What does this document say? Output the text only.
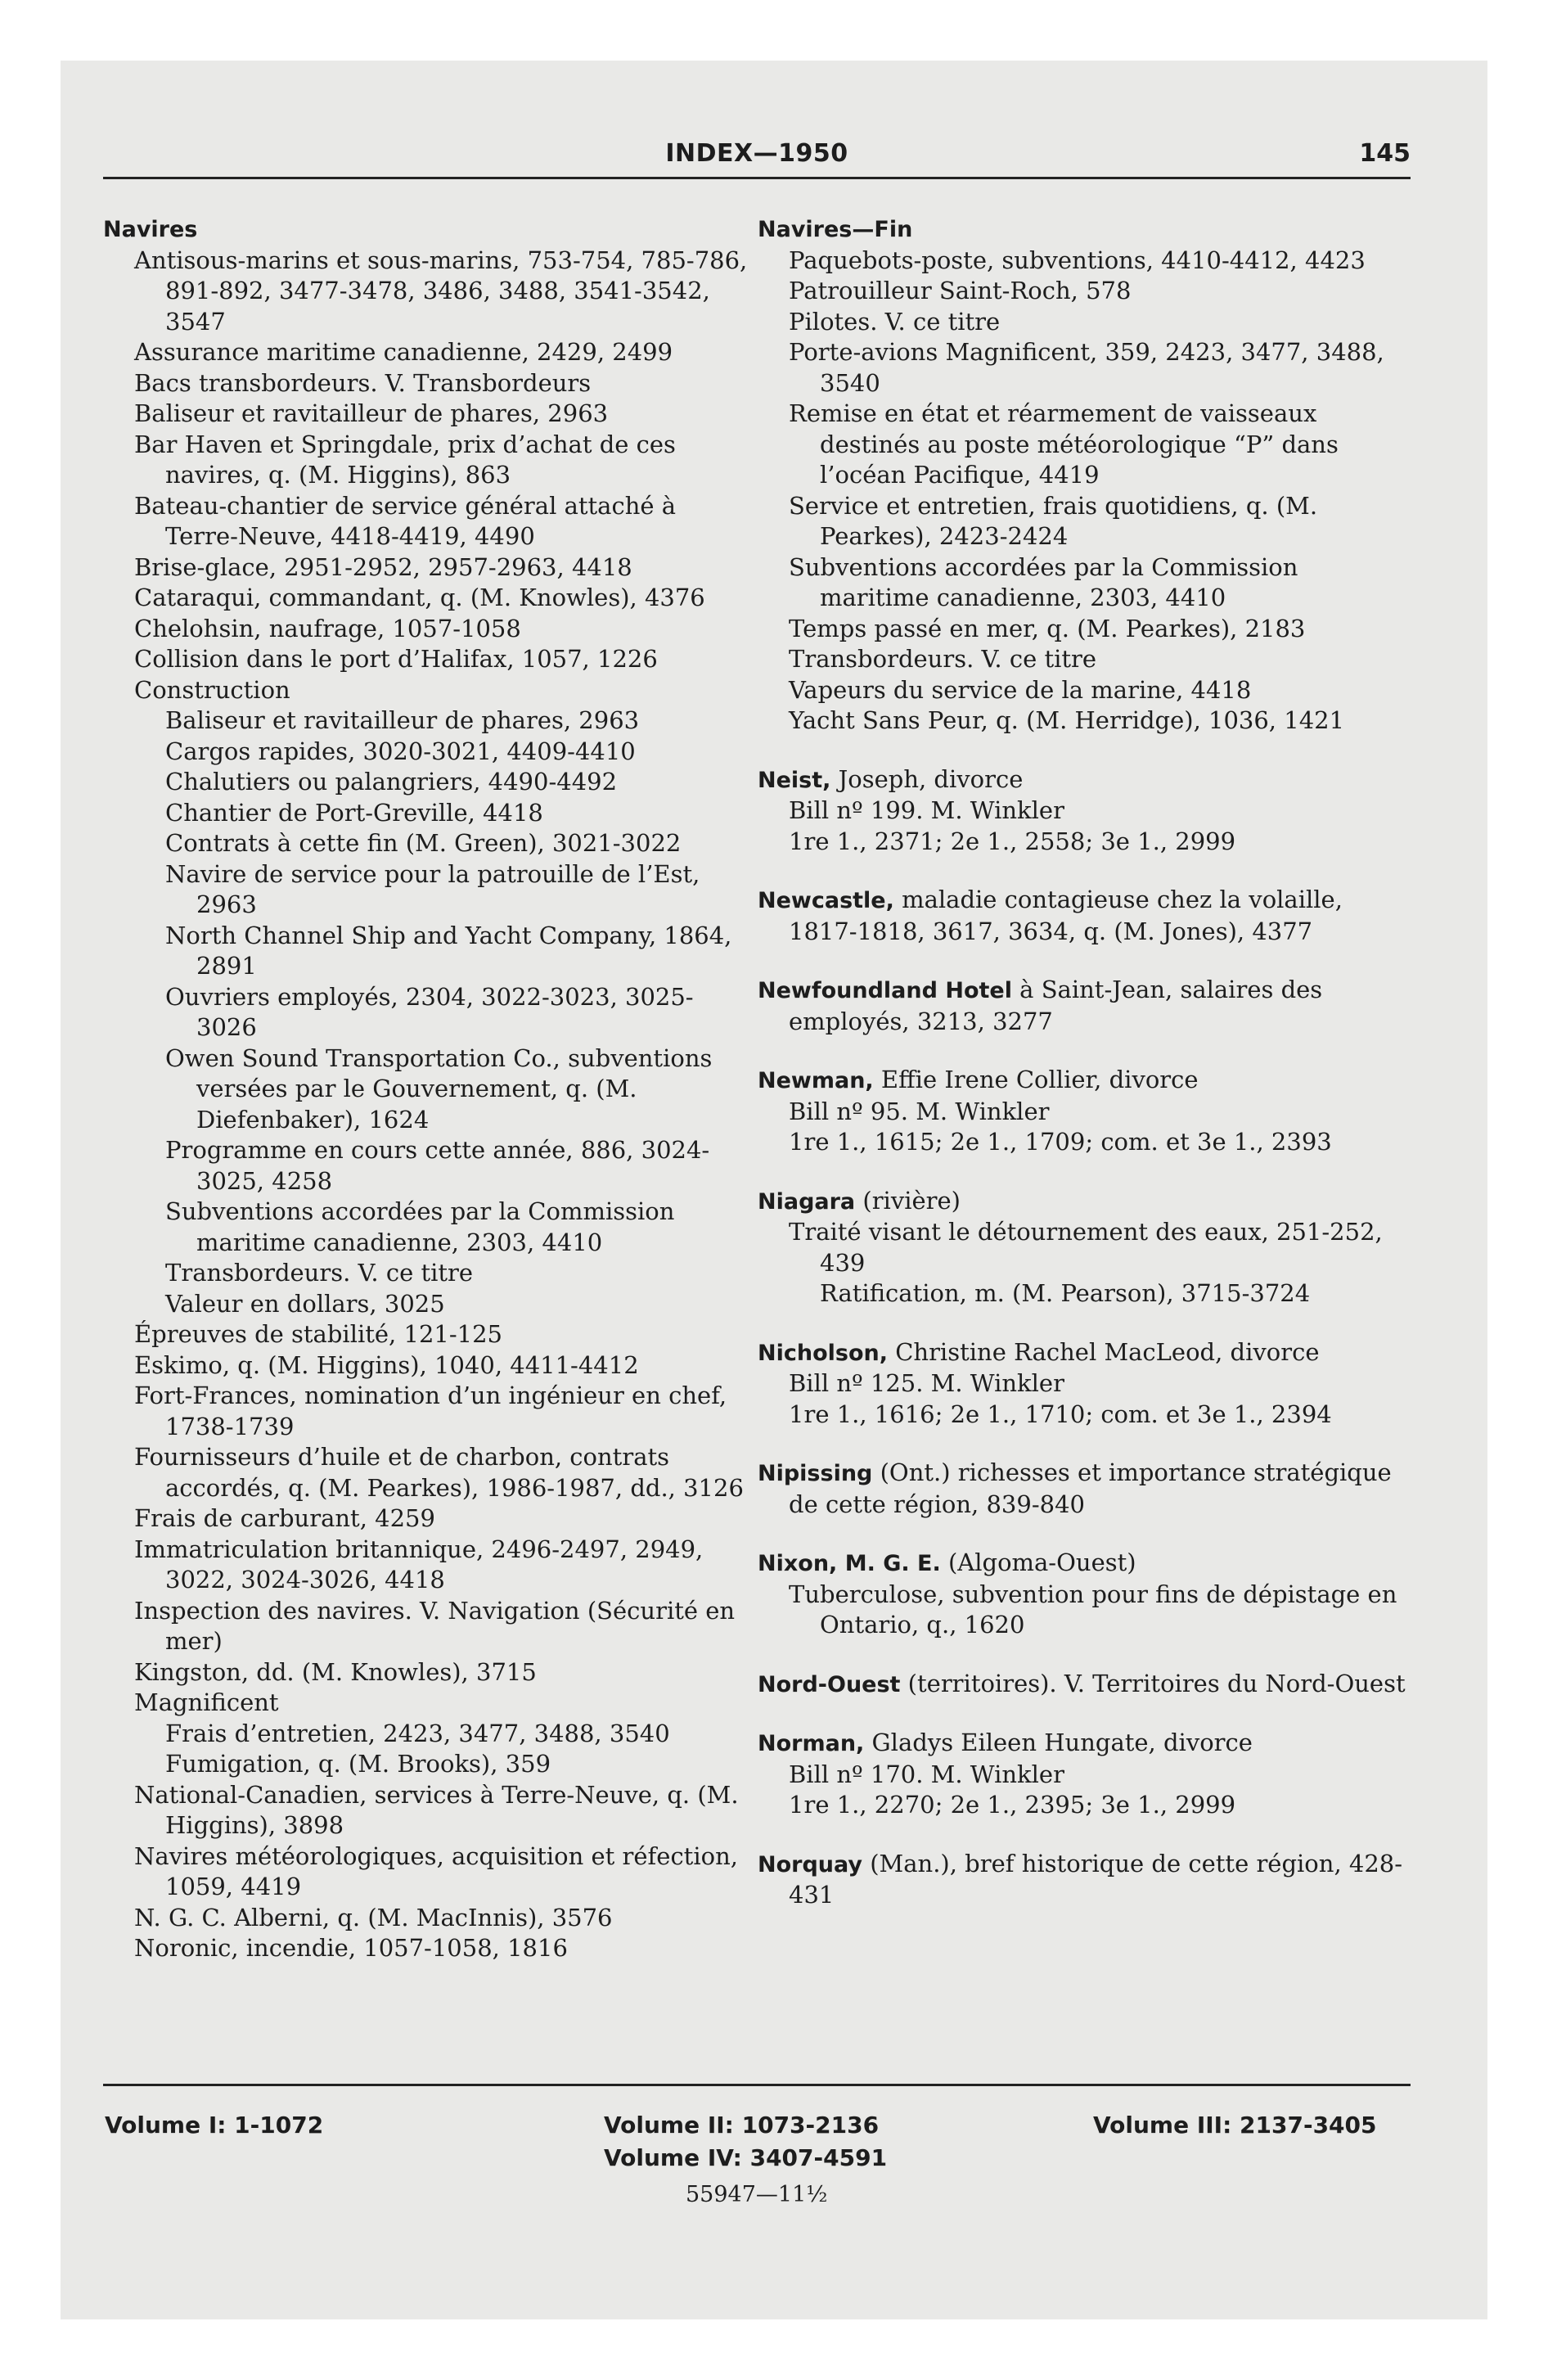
INDEX—1950	145
Navires
Antisous-marins et sous-marins, 753-754, 785-786, 891-892, 3477-3478, 3486, 3488, 3541-3542, 3547
Assurance maritime canadienne, 2429, 2499
Bacs transbordeurs. V. Transbordeurs
Baliseur et ravitailleur de phares, 2963
Bar Haven et Springdale, prix d’achat de ces navires, q. (M. Higgins), 863
Bateau-chantier de service général attaché à Terre-Neuve, 4418-4419, 4490
Brise-glace, 2951-2952, 2957-2963, 4418
Cataraqui, commandant, q. (M. Knowles), 4376
Chelohsin, naufrage, 1057-1058
Collision dans le port d’Halifax, 1057, 1226
Construction
Baliseur et ravitailleur de phares, 2963
Cargos rapides, 3020-3021, 4409-4410
Chalutiers ou palangriers, 4490-4492
Chantier de Port-Greville, 4418
Contrats à cette fin (M. Green), 3021-3022
Navire de service pour la patrouille de l’Est, 2963
North Channel Ship and Yacht Company, 1864, 2891
Ouvriers employés, 2304, 3022-3023, 3025-3026
Owen Sound Transportation Co., subventions versées par le Gouvernement, q. (M. Diefenbaker), 1624
Programme en cours cette année, 886, 3024-3025, 4258
Subventions accordées par la Commission maritime canadienne, 2303, 4410
Transbordeurs. V. ce titre
Valeur en dollars, 3025
Épreuves de stabilité, 121-125
Eskimo, q. (M. Higgins), 1040, 4411-4412
Fort-Frances, nomination d’un ingénieur en chef, 1738-1739
Fournisseurs d’huile et de charbon, contrats accordés, q. (M. Pearkes), 1986-1987, dd., 3126
Frais de carburant, 4259
Immatriculation britannique, 2496-2497, 2949, 3022, 3024-3026, 4418
Inspection des navires. V. Navigation (Sécurité en mer)
Kingston, dd. (M. Knowles), 3715
Magnificent
Frais d’entretien, 2423, 3477, 3488, 3540
Fumigation, q. (M. Brooks), 359
National-Canadien, services à Terre-Neuve, q. (M. Higgins), 3898
Navires météorologiques, acquisition et réfection, 1059, 4419
N. G. C. Alberni, q. (M. MacInnis), 3576
Noronic, incendie, 1057-1058, 1816
Navires—Fin
Paquebots-poste, subventions, 4410-4412, 4423
Patrouilleur Saint-Roch, 578
Pilotes. V. ce titre
Porte-avions Magnificent, 359, 2423, 3477, 3488, 3540
Remise en état et réarmement de vaisseaux destinés au poste météorologique “P” dans l’océan Pacifique, 4419
Service et entretien, frais quotidiens, q. (M. Pearkes), 2423-2424
Subventions accordées par la Commission maritime canadienne, 2303, 4410
Temps passé en mer, q. (M. Pearkes), 2183
Transbordeurs. V. ce titre
Vapeurs du service de la marine, 4418
Yacht Sans Peur, q. (M. Herridge), 1036, 1421
Neist, Joseph, divorce
Bill nº 199. M. Winkler
1re 1., 2371; 2e 1., 2558; 3e 1., 2999
Newcastle, maladie contagieuse chez la volaille, 1817-1818, 3617, 3634, q. (M. Jones), 4377
Newfoundland Hotel à Saint-Jean, salaires des employés, 3213, 3277
Newman, Effie Irene Collier, divorce
Bill nº 95. M. Winkler
1re 1., 1615; 2e 1., 1709; com. et 3e 1., 2393
Niagara (rivière)
Traité visant le détournement des eaux, 251-252, 439
Ratification, m. (M. Pearson), 3715-3724
Nicholson, Christine Rachel MacLeod, divorce
Bill nº 125. M. Winkler
1re 1., 1616; 2e 1., 1710; com. et 3e 1., 2394
Nipissing (Ont.) richesses et importance stratégique de cette région, 839-840
Nixon, M. G. E. (Algoma-Ouest)
Tuberculose, subvention pour fins de dépistage en Ontario, q., 1620
Nord-Ouest (territoires). V. Territoires du Nord-Ouest
Norman, Gladys Eileen Hungate, divorce
Bill nº 170. M. Winkler
1re 1., 2270; 2e 1., 2395; 3e 1., 2999
Norquay (Man.), bref historique de cette région, 428-431
Volume I: 1-1072	Volume II: 1073-2136	Volume III: 2137-3405
Volume IV: 3407-4591
55947—11½
